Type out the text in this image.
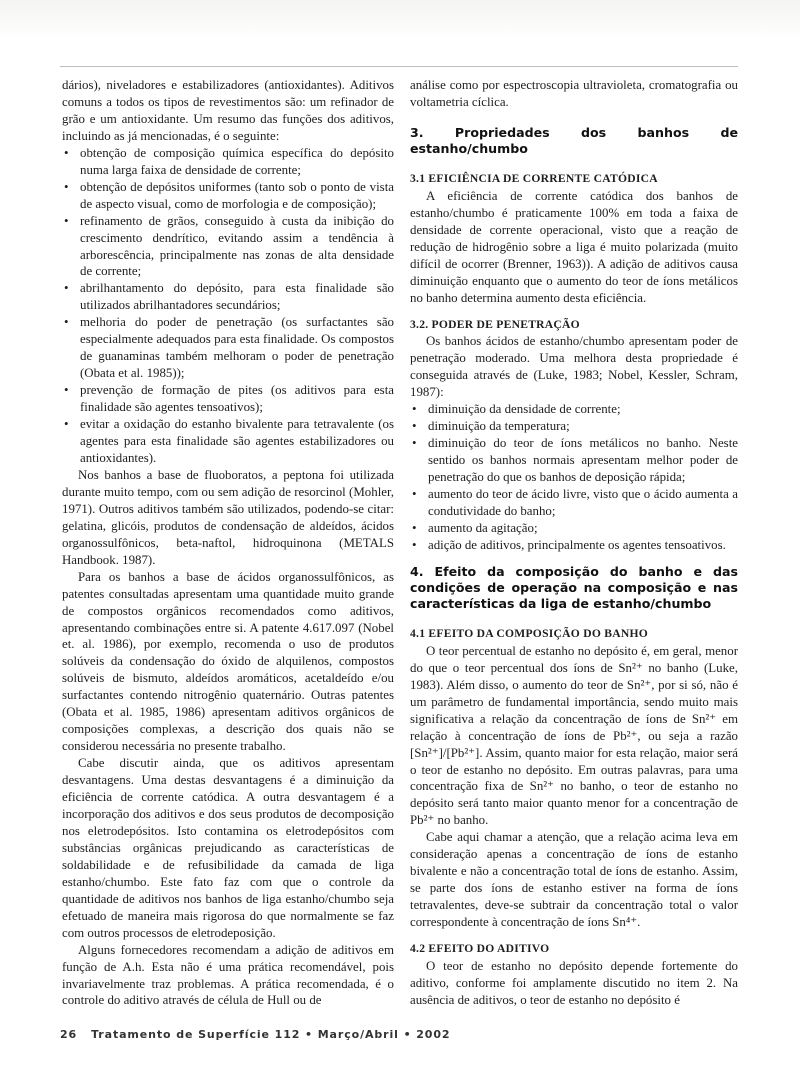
dários), niveladores e estabilizadores (antioxidantes). Aditivos comuns a todos os tipos de revestimentos são: um refinador de grão e um antioxidante. Um resumo das funções dos aditivos, incluindo as já mencionadas, é o seguinte:

• obtenção de composição química específica do depósito numa larga faixa de densidade de corrente;
• obtenção de depósitos uniformes (tanto sob o ponto de vista de aspecto visual, como de morfologia e de composição);
• refinamento de grãos, conseguido à custa da inibição do crescimento dendrítico, evitando assim a tendência à arborescência, principalmente nas zonas de alta densidade de corrente;
• abrilhantamento do depósito, para esta finalidade são utilizados abrilhantadores secundários;
• melhoria do poder de penetração (os surfactantes são especialmente adequados para esta finalidade. Os compostos de guanaminas também melhoram o poder de penetração (Obata et al. 1985));
• prevenção de formação de pites (os aditivos para esta finalidade são agentes tensoativos);
• evitar a oxidação do estanho bivalente para tetravalente (os agentes para esta finalidade são agentes estabilizadores ou antioxidantes).

Nos banhos a base de fluoboratos, a peptona foi utilizada durante muito tempo, com ou sem adição de resorcinol (Mohler, 1971). Outros aditivos também são utilizados, podendo-se citar: gelatina, glicóis, produtos de condensação de aldeídos, ácidos organossulfônicos, beta-naftol, hidroquinona (METALS Handbook. 1987).

Para os banhos a base de ácidos organossulfônicos, as patentes consultadas apresentam uma quantidade muito grande de compostos orgânicos recomendados como aditivos, apresentando combinações entre si. A patente 4.617.097 (Nobel et. al. 1986), por exemplo, recomenda o uso de produtos solúveis da condensação do óxido de alquilenos, compostos solúveis de bismuto, aldeídos aromáticos, acetaldeído e/ou surfactantes contendo nitrogênio quaternário. Outras patentes (Obata et al. 1985, 1986) apresentam aditivos orgânicos de composições complexas, a descrição dos quais não se considerou necessária no presente trabalho.

Cabe discutir ainda, que os aditivos apresentam desvantagens. Uma destas desvantagens é a diminuição da eficiência de corrente catódica. A outra desvantagem é a incorporação dos aditivos e dos seus produtos de decomposição nos eletrodepósitos. Isto contamina os eletrodepósitos com substâncias orgânicas prejudicando as características de soldabilidade e de refusibilidade da camada de liga estanho/chumbo. Este fato faz com que o controle da quantidade de aditivos nos banhos de liga estanho/chumbo seja efetuado de maneira mais rigorosa do que normalmente se faz com outros processos de eletrodeposição.

Alguns fornecedores recomendam a adição de aditivos em função de A.h. Esta não é uma prática recomendável, pois invariavelmente traz problemas. A prática recomendada, é o controle do aditivo através de célula de Hull ou de

análise como por espectroscopia ultravioleta, cromatografia ou voltametria cíclica.

3. Propriedades dos banhos de estanho/chumbo
3.1 EFICIÊNCIA DE CORRENTE CATÓDICA

A eficiência de corrente catódica dos banhos de estanho/chumbo é praticamente 100% em toda a faixa de densidade de corrente operacional, visto que a reação de redução de hidrogênio sobre a liga é muito polarizada (muito difícil de ocorrer (Brenner, 1963)). A adição de aditivos causa diminuição enquanto que o aumento do teor de íons metálicos no banho determina aumento desta eficiência.

3.2. PODER DE PENETRAÇÃO

Os banhos ácidos de estanho/chumbo apresentam poder de penetração moderado. Uma melhora desta propriedade é conseguida através de (Luke, 1983; Nobel, Kessler, Schram, 1987):

• diminuição da densidade de corrente;
• diminuição da temperatura;
• diminuição do teor de íons metálicos no banho. Neste sentido os banhos normais apresentam melhor poder de penetração do que os banhos de deposição rápida;
• aumento do teor de ácido livre, visto que o ácido aumenta a condutividade do banho;
• aumento da agitação;
• adição de aditivos, principalmente os agentes tensoativos.
4. Efeito da composição do banho e das condições de operação na composição e nas características da liga de estanho/chumbo
4.1 EFEITO DA COMPOSIÇÃO DO BANHO

O teor percentual de estanho no depósito é, em geral, menor do que o teor percentual dos íons de Sn²⁺ no banho (Luke, 1983). Além disso, o aumento do teor de Sn²⁺, por si só, não é um parâmetro de fundamental importância, sendo muito mais significativa a relação da concentração de íons de Sn²⁺ em relação à concentração de íons de Pb²⁺, ou seja a razão [Sn²⁺]/[Pb²⁺]. Assim, quanto maior for esta relação, maior será o teor de estanho no depósito. Em outras palavras, para uma concentração fixa de Sn²⁺ no banho, o teor de estanho no depósito será tanto maior quanto menor for a concentração de Pb²⁺ no banho.

Cabe aqui chamar a atenção, que a relação acima leva em consideração apenas a concentração de íons de estanho bivalente e não a concentração total de íons de estanho. Assim, se parte dos íons de estanho estiver na forma de íons tetravalentes, deve-se subtrair da concentração total o valor correspondente à concentração de íons Sn⁴⁺.

4.2 EFEITO DO ADITIVO

O teor de estanho no depósito depende fortemente do aditivo, conforme foi amplamente discutido no item 2. Na ausência de aditivos, o teor de estanho no depósito é

26 Tratamento de Superfície 112 • Março/Abril • 2002
